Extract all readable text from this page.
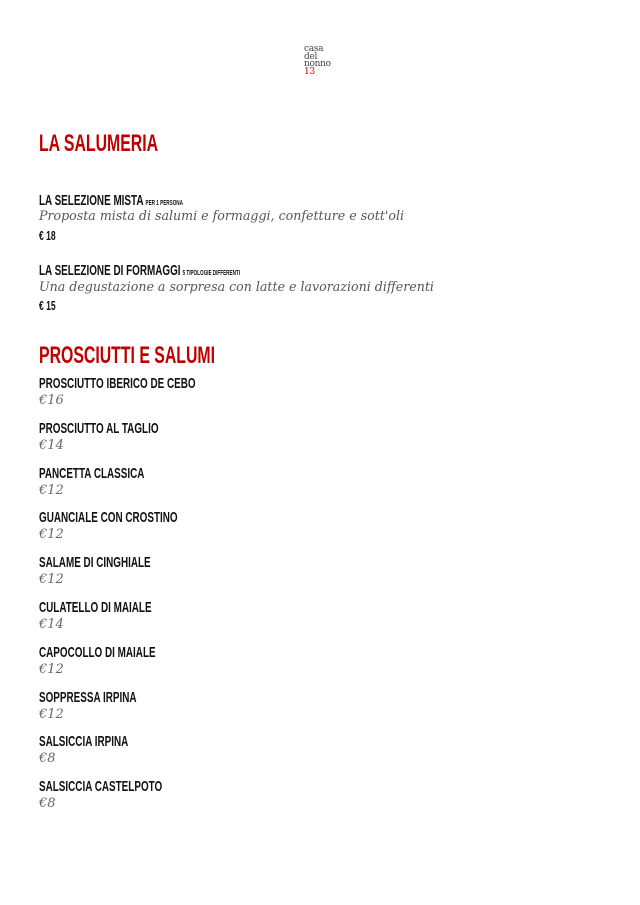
casa
del
nonno
13
LA SALUMERIA
LA SELEZIONE MISTA PER 1 PERSONA
Proposta mista di salumi e formaggi, confetture e sott'oli
€ 18
LA SELEZIONE DI FORMAGGI 5 TIPOLOGIE DIFFERENTI
Una degustazione a sorpresa con latte e lavorazioni differenti
€ 15
PROSCIUTTI E SALUMI
PROSCIUTTO IBERICO DE CEBO
€16
PROSCIUTTO AL TAGLIO
€14
PANCETTA CLASSICA
€12
GUANCIALE CON CROSTINO
€12
SALAME DI CINGHIALE
€12
CULATELLO DI MAIALE
€14
CAPOCOLLO DI MAIALE
€12
SOPPRESSA IRPINA
€12
SALSICCIA IRPINA
€8
SALSICCIA CASTELPOTO
€8
